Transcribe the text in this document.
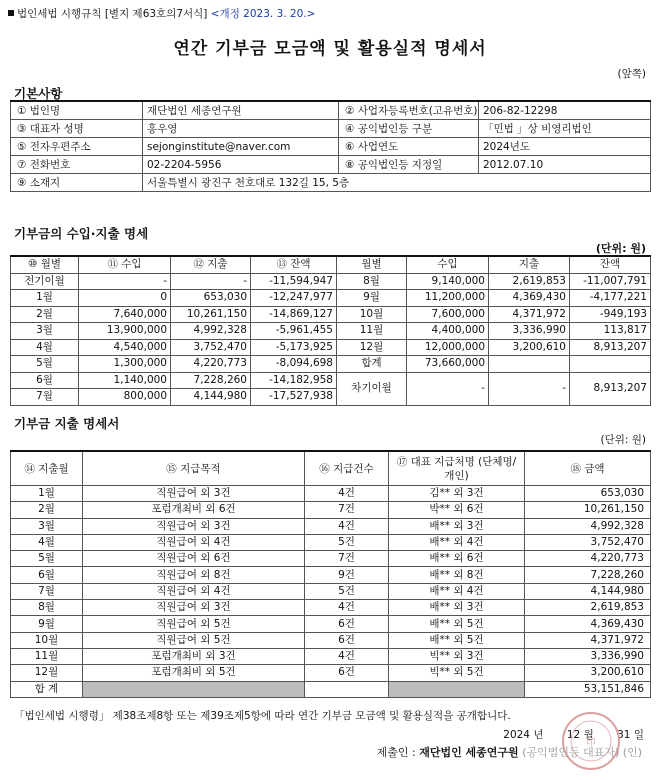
법인세법 시행규칙 [별지 제63호의7서식] <개정 2023. 3. 20.>
연간 기부금 모금액 및 활용실적 명세서
(앞쪽)
기본사항
① 법인명	재단법인 세종연구원	② 사업자등록번호(고유번호)	206-82-12298
③ 대표자 성명	홍우영	④ 공익법인등 구분	「민법 」상 비영리법인
⑤ 전자우편주소	sejonginstitute@naver.com	⑥ 사업연도	2024년도
⑦ 전화번호	02-2204-5956	⑧ 공익법인등 지정일	2012.07.10
⑨ 소재지	서울특별시 광진구 천호대로 132길 15, 5층		
기부금의 수입·지출 명세
(단위: 원)
⑩ 월별	⑪ 수입	⑫ 지출	⑬ 잔액	월별	수입	지출	잔액
전기이월	-	-	-11,594,947	8월	9,140,000	2,619,853	-11,007,791
1월	0	653,030	-12,247,977	9월	11,200,000	4,369,430	-4,177,221
2월	7,640,000	10,261,150	-14,869,127	10월	7,600,000	4,371,972	-949,193
3월	13,900,000	4,992,328	-5,961,455	11월	4,400,000	3,336,990	113,817
4월	4,540,000	3,752,470	-5,173,925	12월	12,000,000	3,200,610	8,913,207
5월	1,300,000	4,220,773	-8,094,698	합계	73,660,000		
6월	1,140,000	7,228,260	-14,182,958	차기이월	-	-	8,913,207
7월	800,000	4,144,980	-17,527,938				
기부금 지출 명세서
(단위: 원)
⑭ 지출월	⑮ 지급목적	⑯ 지급건수	⑰ 대표 지급처명 (단체명/개인)	⑱ 금액
1월	직원급여 외 3건	4건	김** 외 3건	653,030
2월	포럼개최비 외 6건	7건	박** 외 6건	10,261,150
3월	직원급여 외 3건	4건	배** 외 3건	4,992,328
4월	직원급여 외 4건	5건	배** 외 4건	3,752,470
5월	직원급여 외 6건	7건	배** 외 6건	4,220,773
6월	직원급여 외 8건	9건	배** 외 8건	7,228,260
7월	직원급여 외 4건	5건	배** 외 4건	4,144,980
8월	직원급여 외 3건	4건	배** 외 3건	2,619,853
9월	직원급여 외 5건	6건	배** 외 5건	4,369,430
10월	직원급여 외 5건	6건	배** 외 5건	4,371,972
11월	포럼개최비 외 3건	4건	빅** 외 3건	3,336,990
12월	포럼개최비 외 5건	6건	빅** 외 5건	3,200,610
합 계				53,151,846
「법인세법 시행령」 제38조제8항 또는 제39조제5항에 따라 연간 기부금 모금액 및 활용실적을 공개합니다.
2024 년 12 월 31 일
印
제출인 : 재단법인 세종연구원 (공익법인등 대표자) (인)
